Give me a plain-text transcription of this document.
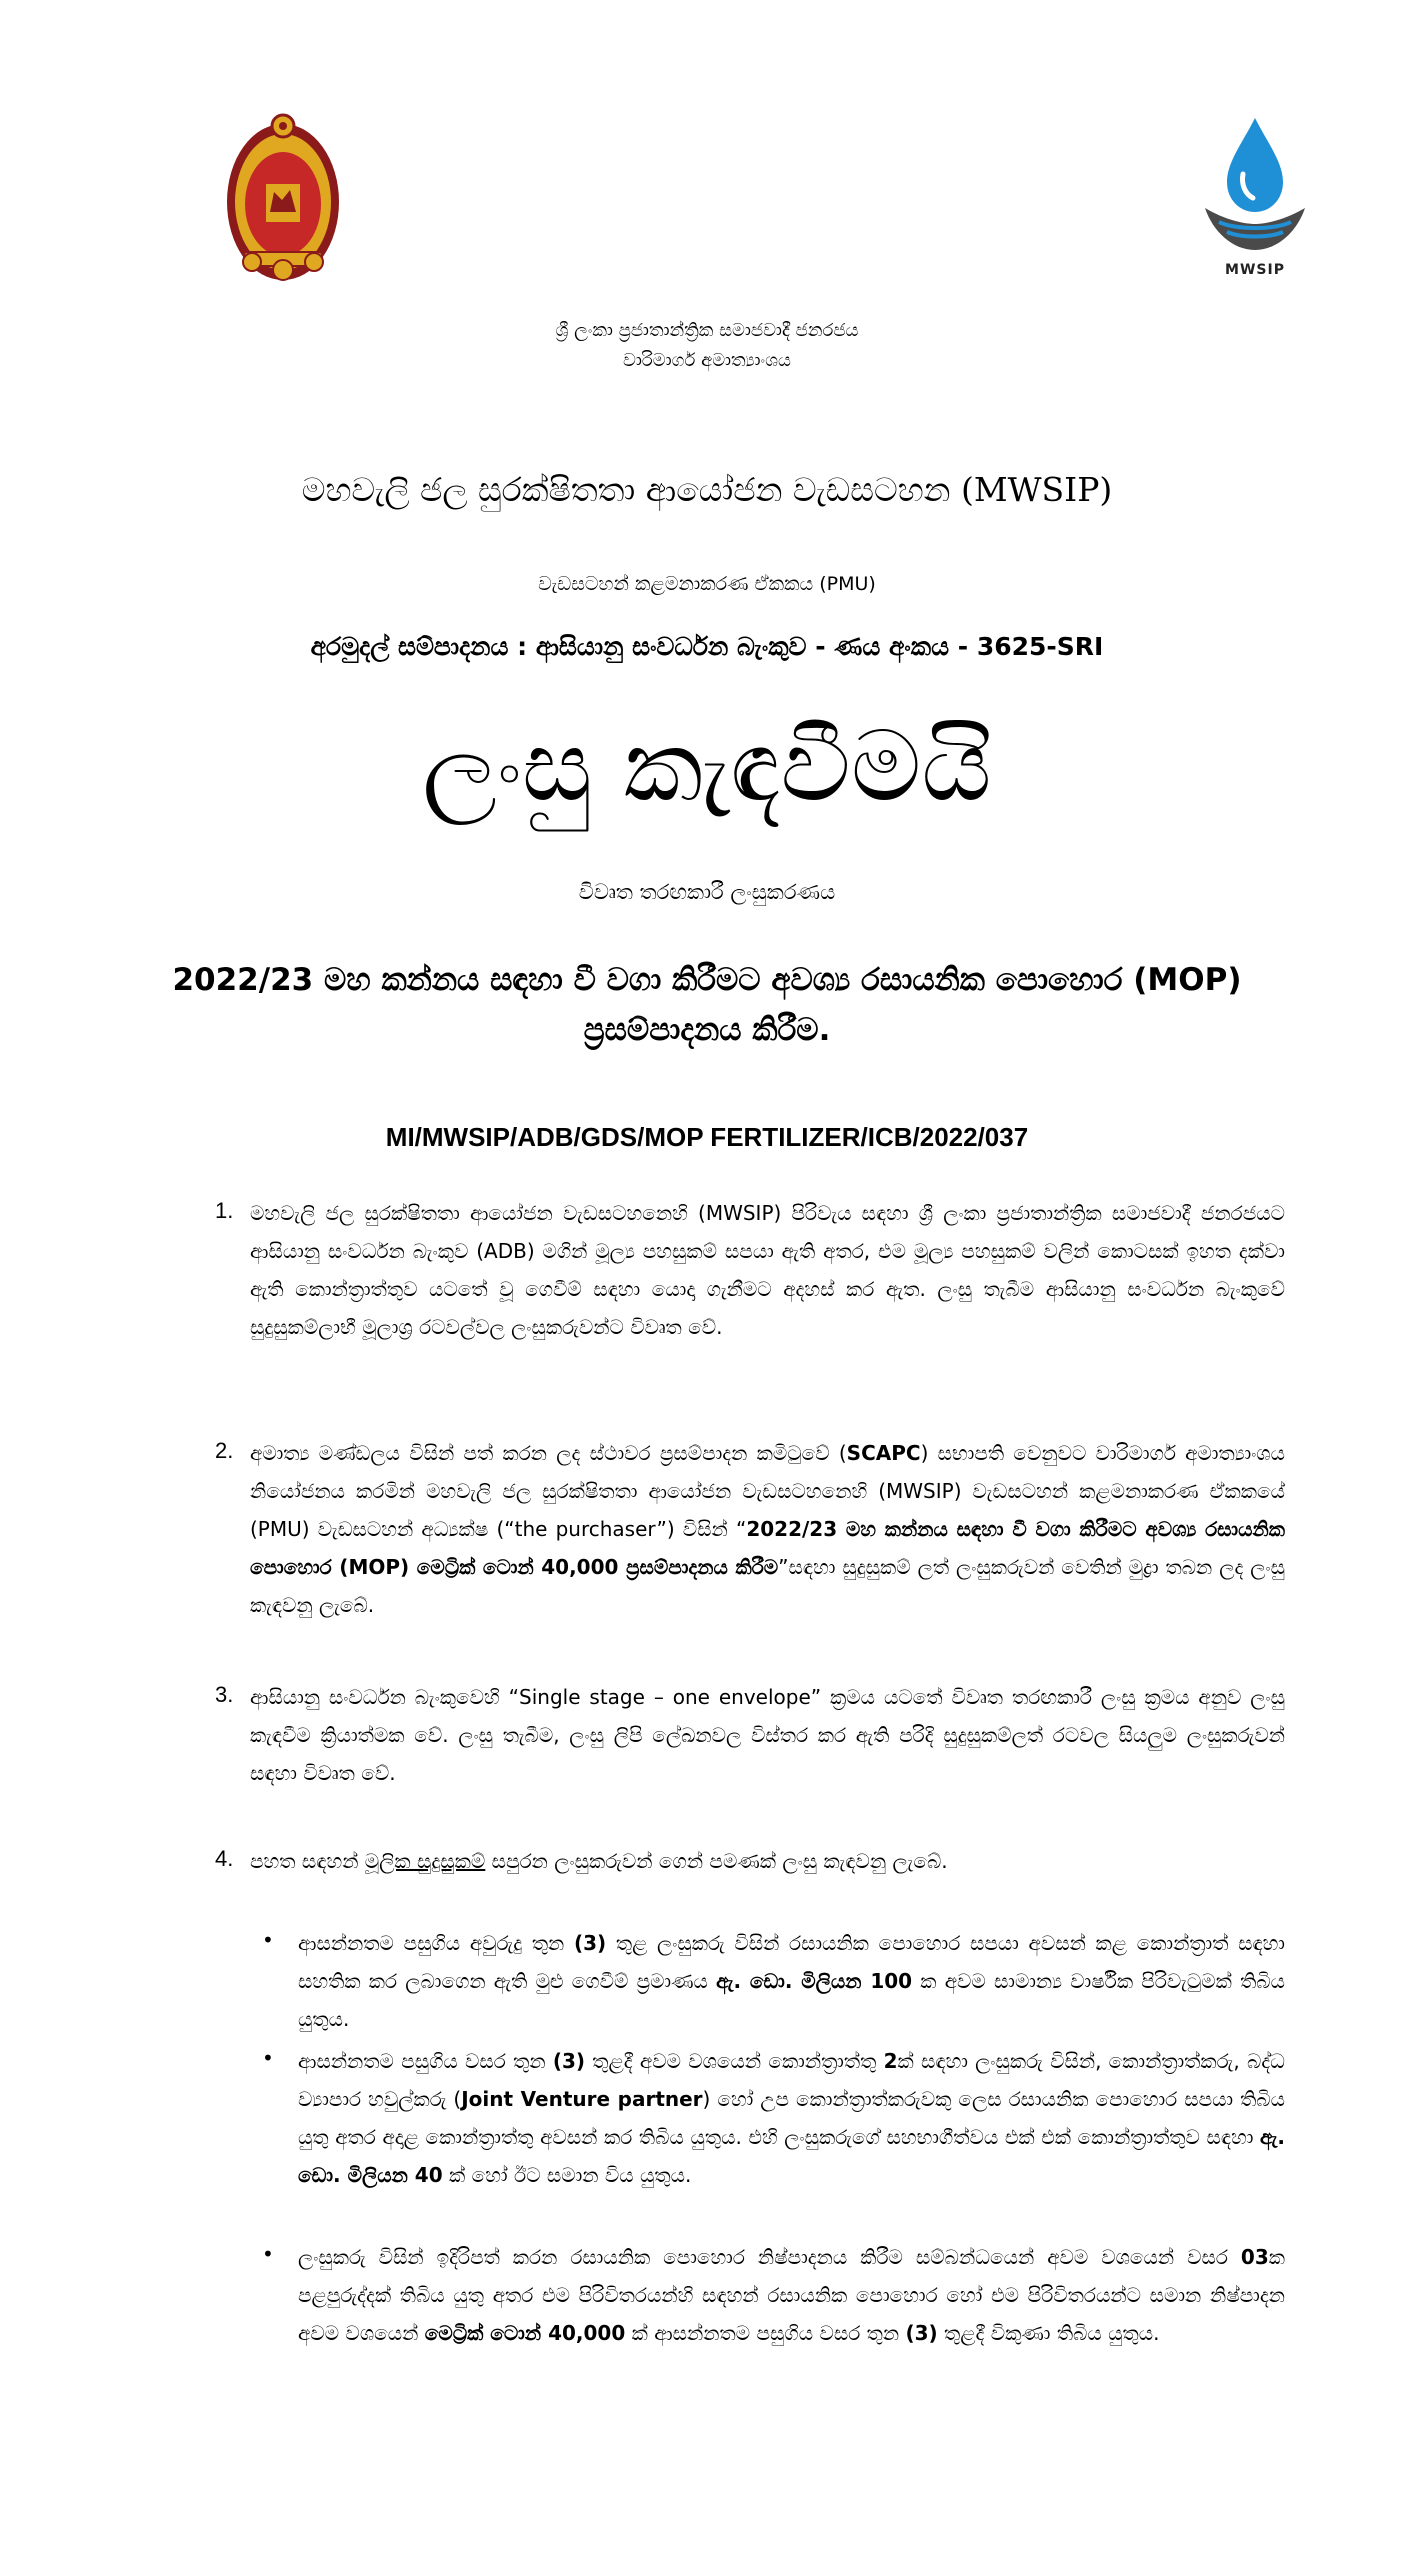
MWSIP
ශ්‍රී ලංකා ප්‍රජාතාන්ත්‍රික සමාජවාදී ජනරජය
වාරිමාර්ග අමාත්‍යාංශය
මහවැලි ජල සුරක්ෂිතතා ආයෝජන වැඩසටහන (MWSIP)
වැඩසටහන් කළමනාකරණ ඒකකය (PMU)
අරමුදල් සම්පාදනය : ආසියානු සංවර්ධන බැංකුව - ණය අංකය - 3625-SRI
ලංසු කැඳවීමයි
විවෘත තරඟකාරී ලංසුකරණය
2022/23 මහ කන්නය සඳහා වී වගා කිරීමට අවශ්‍ය රසායනික පොහොර (MOP)
ප්‍රසම්පාදනය කිරීම.
MI/MWSIP/ADB/GDS/MOP FERTILIZER/ICB/2022/037
1. මහවැලි ජල සුරක්ෂිතතා ආයෝජන වැඩසටහනෙහි (MWSIP) පිරිවැය සඳහා ශ්‍රී ලංකා ප්‍රජාතාන්ත්‍රික සමාජවාදී ජනරජයට ආසියානු සංවර්ධන බැංකුව (ADB) මගින් මූල්‍ය පහසුකම් සපයා ඇති අතර, එම මූල්‍ය පහසුකම් වලින් කොටසක් ඉහත දක්වා ඇති කොන්ත්‍රාත්තුව යටතේ වූ ගෙවීම් සඳහා යොදා ගැනීමට අදහස් කර ඇත. ලංසු තැබීම ආසියානු සංවර්ධන බැංකුවේ සුදුසුකම්ලාභී මූලාශ්‍ර රටවල්වල ලංසුකරුවන්ට විවෘත වේ.
2. අමාත්‍ය මණ්ඩලය විසින් පත් කරන ලද ස්ථාවර ප්‍රසම්පාදන කමිටුවේ (SCAPC) සභාපති වෙනුවට වාරිමාර්ග අමාත්‍යාංශය නියෝජනය කරමින් මහවැලි ජල සුරක්ෂිතතා ආයෝජන වැඩසටහනෙහි (MWSIP) වැඩසටහන් කළමනාකරණ ඒකකයේ (PMU) වැඩසටහන් අධ්‍යක්ෂ (“the purchaser”) විසින් “2022/23 මහ කන්නය සඳහා වී වගා කිරීමට අවශ්‍ය රසායනික පොහොර (MOP) මෙට්‍රික් ටොන් 40,000 ප්‍රසම්පාදනය කිරීම”සඳහා සුදුසුකම් ලත් ලංසුකරුවන් වෙතින් මුද්‍රා තබන ලද ලංසු කැඳවනු ලැබේ.
3. ආසියානු සංවර්ධන බැංකුවෙහි “Single stage – one envelope” ක්‍රමය යටතේ විවෘත තරඟකාරී ලංසු ක්‍රමය අනුව ලංසු කැඳවීම ක්‍රියාත්මක වේ. ලංසු තැබීම, ලංසු ලිපි ලේඛනවල විස්තර කර ඇති පරිදි සුදුසුකම්ලත් රටවල සියලුම ලංසුකරුවන් සඳහා විවෘත වේ.
4. පහත සඳහන් මූලික සුදුසුකම් සපුරන ලංසුකරුවන් ගෙන් පමණක් ලංසු කැඳවනු ලැබේ.
• ආසන්නතම පසුගිය අවුරුදු තුන (3) තුළ ලංසුකරු විසින් රසායනික පොහොර සපයා අවසන් කළ කොන්ත්‍රාත් සඳහා සහතික කර ලබාගෙන ඇති මුළු ගෙවීම් ප්‍රමාණය ඇ. ඩො. මිලියන 100 ක අවම සාමාන්‍ය වාර්ෂික පිරිවැටුමක් තිබිය යුතුය.
• ආසන්නතම පසුගිය වසර තුන (3) තුළදී අවම වශයෙන් කොන්ත්‍රාත්තු 2ක් සඳහා ලංසුකරු විසින්, කොන්ත්‍රාත්කරු, බද්ධ ව්‍යාපාර හවුල්කරු (Joint Venture partner) හෝ උප කොන්ත්‍රාත්කරුවකු ලෙස රසායනික පොහොර සපයා තිබිය යුතු අතර අදාළ කොන්ත්‍රාත්තු අවසන් කර තිබිය යුතුය. එහි ලංසුකරුගේ සහභාගීත්වය එක් එක් කොන්ත්‍රාත්තුව සඳහා ඇ. ඩො. මිලියන 40 ක් හෝ ඊට සමාන විය යුතුය.
• ලංසුකරු විසින් ඉදිරිපත් කරන රසායනික පොහොර නිෂ්පාදනය කිරීම සම්බන්ධයෙන් අවම වශයෙන් වසර 03ක පළපුරුද්දක් තිබිය යුතු අතර එම පිරිවිතරයන්හි සඳහන් රසායනික පොහොර හෝ එම පිරිවිතරයන්ට සමාන නිෂ්පාදන අවම වශයෙන් මෙට්‍රික් ටොන් 40,000 ක් ආසන්නතම පසුගිය වසර තුන (3) තුළදී විකුණා තිබිය යුතුය.
